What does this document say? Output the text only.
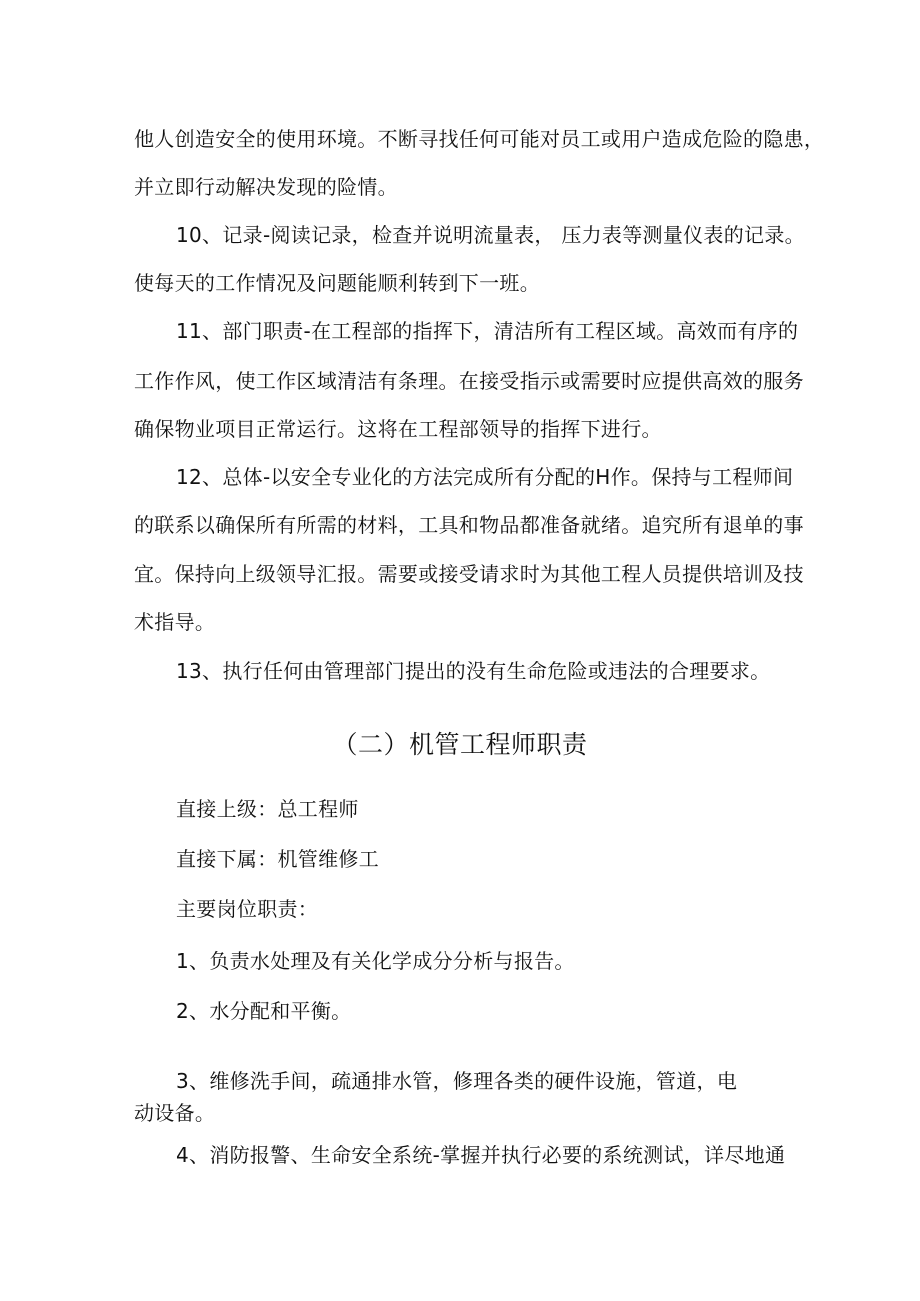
他人创造安全的使用环境。不断寻找任何可能对员工或用户造成危险的隐患，
并立即行动解决发现的险情。
10、记录-阅读记录，检查并说明流量表， 压力表等测量仪表的记录。
使每天的工作情况及问题能顺利转到下一班。
11、部门职责-在工程部的指挥下，清洁所有工程区域。高效而有序的
工作作风，使工作区域清洁有条理。在接受指示或需要时应提供高效的服务
确保物业项目正常运行。这将在工程部领导的指挥下进行。
12、总体-以安全专业化的方法完成所有分配的H作。保持与工程师间
的联系以确保所有所需的材料，工具和物品都准备就绪。追究所有退单的事
宜。保持向上级领导汇报。需要或接受请求时为其他工程人员提供培训及技
术指导。
13、执行任何由管理部门提出的没有生命危险或违法的合理要求。
（二）机管工程师职责
直接上级：总工程师
直接下属：机管维修工
主要岗位职责：
1、负责水处理及有关化学成分分析与报告。
2、水分配和平衡。
3、维修洗手间，疏通排水管，修理各类的硬件设施，管道，电
动设备。
4、消防报警、生命安全系统-掌握并执行必要的系统测试，详尽地通
